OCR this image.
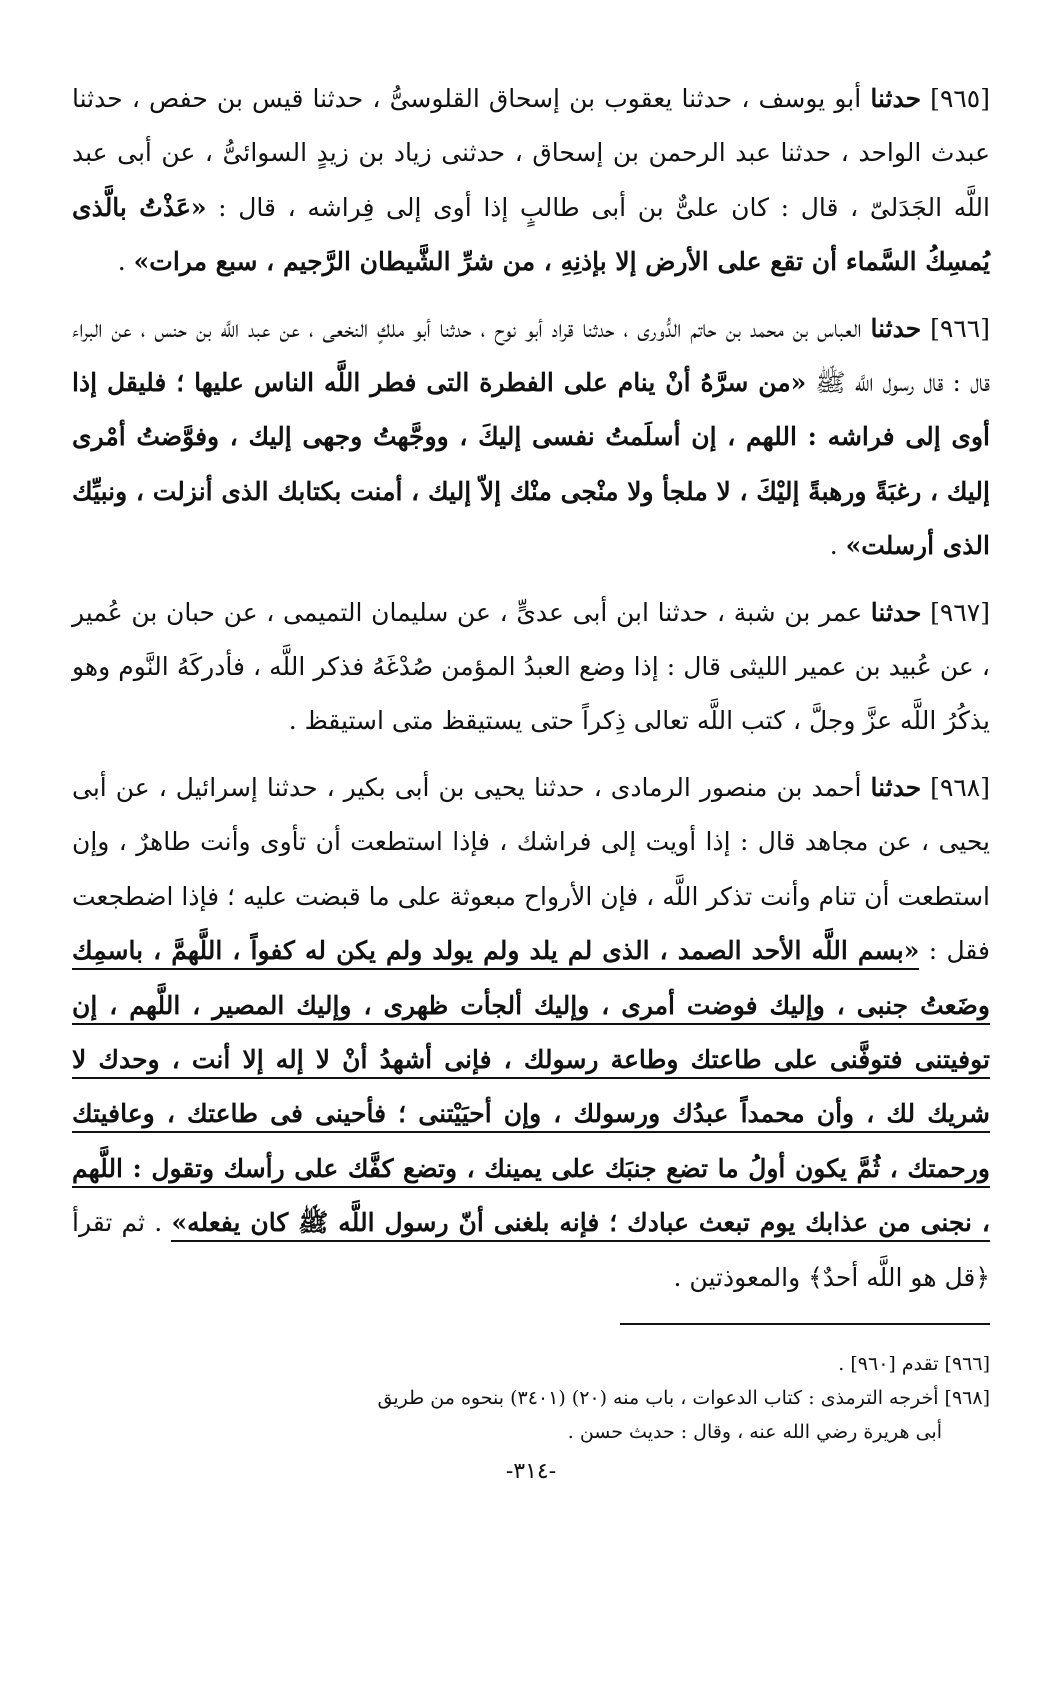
[٩٦٥] حدثنا أبو يوسف ، حدثنا يعقوب بن إسحاق القلوسىُّ ، حدثنا قيس بن حفص ، حدثنا عبدث الواحد ، حدثنا عبد الرحمن بن إسحاق ، حدثنى زياد بن زيدٍ السوائىُّ ، عن أبى عبد اللَّه الجَدَلىّ ، قال : كان علىٌّ بن أبى طالبٍ إذا أوى إلى فِراشه ، قال : «عَذْتُ بالَّذى يُمسِكُ السَّماء أن تقع على الأرض إلا بإذنِهِ ، من شرِّ الشَّيطان الرَّجيم ، سبع مرات» .

[٩٦٦] حدثنا العباس بن محمد بن حاتم الدُّورى ، حدثنا قراد أبو نوح ، حدثنا أبو ملكٍ النخعى ، عن عبد اللَّه بن حنس ، عن البراء قال : قال رسول اللَّه ﷺ «من سرَّهُ أنْ ينام على الفطرة التى فطر اللَّه الناس عليها ؛ فليقل إذا أوى إلى فراشه : اللهم ، إن أسلَمتُ نفسى إليكَ ، ووجَّهتُ وجهى إليك ، وفوَّضتُ أمْرى إليك ، رغبَةً ورهبةً إليْكَ ، لا ملجأ ولا منْجى منْك إلاّ إليك ، أمنت بكتابك الذى أنزلت ، ونبيِّك الذى أرسلت» .

[٩٦٧] حدثنا عمر بن شبة ، حدثنا ابن أبى عدىٍّ ، عن سليمان التميمى ، عن حبان بن عُمير ، عن عُبيد بن عمير الليثى قال : إذا وضع العبدُ المؤمن صُدْغَهُ فذكر اللَّه ، فأدركَهُ النَّوم وهو يذكُرُ اللَّه عزَّ وجلَّ ، كتب اللَّه تعالى ذِكراً حتى يستيقظ متى استيقظ .

[٩٦٨] حدثنا أحمد بن منصور الرمادى ، حدثنا يحيى بن أبى بكير ، حدثنا إسرائيل ، عن أبى يحيى ، عن مجاهد قال : إذا أويت إلى فراشك ، فإذا استطعت أن تأوى وأنت طاهرٌ ، وإن استطعت أن تنام وأنت تذكر اللَّه ، فإن الأرواح مبعوثة على ما قبضت عليه ؛ فإذا اضطجعت فقل : «بسم اللَّه الأحد الصمد ، الذى لم يلد ولم يولد ولم يكن له كفواً ، اللَّهمَّ ، باسمِك وضَعتُ جنبى ، وإليك فوضت أمرى ، وإليك ألجأت ظهرى ، وإليك المصير ، اللَّهم ، إن توفيتنى فتوفَّنى على طاعتك وطاعة رسولك ، فإنى أشهدُ أنْ لا إله إلا أنت ، وحدك لا شريك لك ، وأن محمداً عبدُك ورسولك ، وإن أحيَيْتنى ؛ فأحينى فى طاعتك ، وعافيتك ورحمتك ، ثُمَّ يكون أولُ ما تضع جنبَك على يمينك ، وتضع كفَّك على رأسك وتقول : اللَّهم ، نجنى من عذابك يوم تبعث عبادك ؛ فإنه بلغنى أنّ رسول اللَّه ﷺ كان يفعله» . ثم تقرأ ﴿قل هو اللَّه أحدٌ﴾ والمعوذتين .

[٩٦٦] تقدم [٩٦٠] .

[٩٦٨] أخرجه الترمذى : كتاب الدعوات ، باب منه (٢٠) (٣٤٠١) بنحوه من طريق

أبى هريرة رضي الله عنه ، وقال : حديث حسن .

-٣١٤-
